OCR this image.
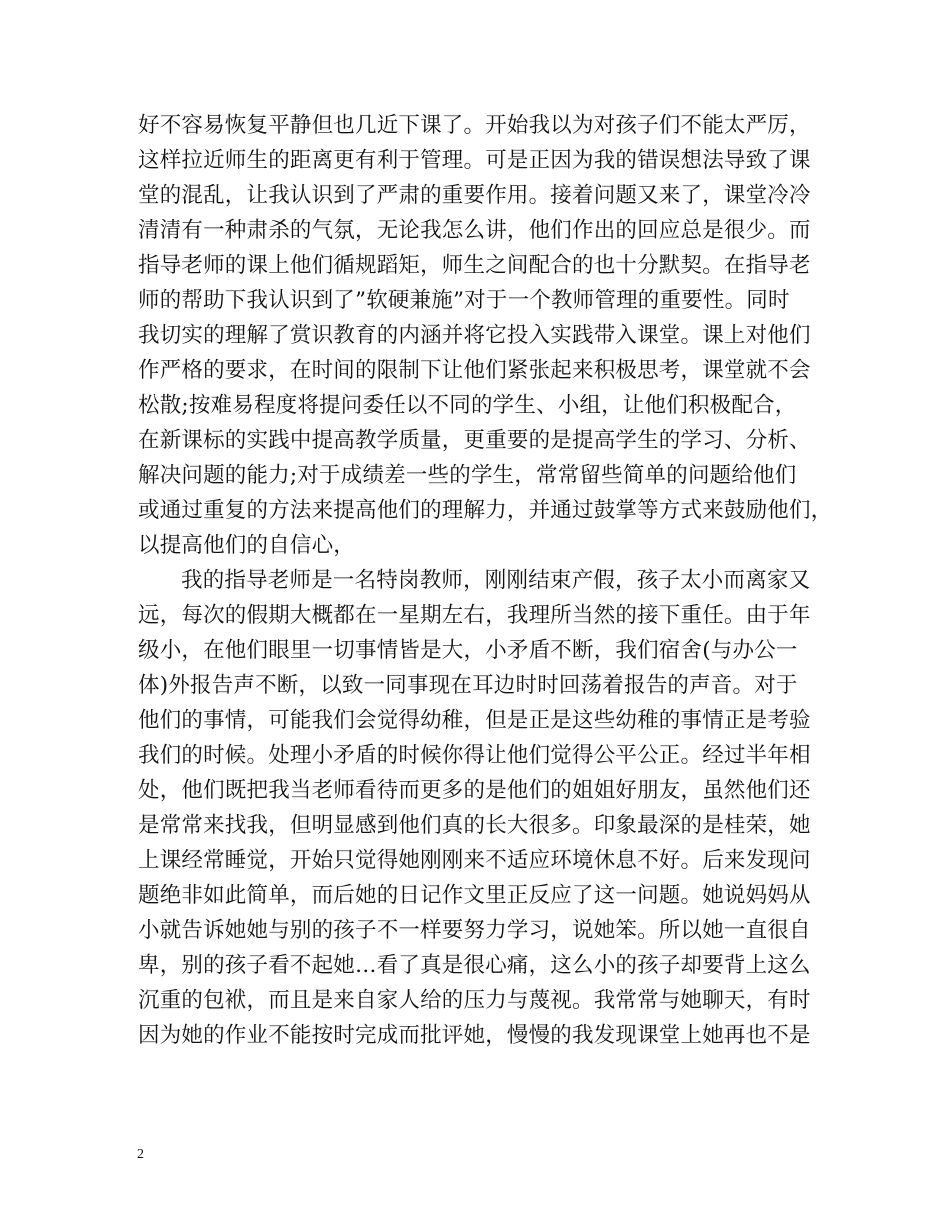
好不容易恢复平静但也几近下课了。开始我以为对孩子们不能太严厉，
这样拉近师生的距离更有利于管理。可是正因为我的错误想法导致了课
堂的混乱，让我认识到了严肃的重要作用。接着问题又来了，课堂冷冷
清清有一种肃杀的气氛，无论我怎么讲，他们作出的回应总是很少。而
指导老师的课上他们循规蹈矩，师生之间配合的也十分默契。在指导老
师的帮助下我认识到了”软硬兼施”对于一个教师管理的重要性。同时
我切实的理解了赏识教育的内涵并将它投入实践带入课堂。课上对他们
作严格的要求，在时间的限制下让他们紧张起来积极思考，课堂就不会
松散;按难易程度将提问委任以不同的学生、小组，让他们积极配合，
在新课标的实践中提高教学质量，更重要的是提高学生的学习、分析、
解决问题的能力;对于成绩差一些的学生，常常留些简单的问题给他们
或通过重复的方法来提高他们的理解力，并通过鼓掌等方式来鼓励他们，
以提高他们的自信心，
我的指导老师是一名特岗教师，刚刚结束产假，孩子太小而离家又
远，每次的假期大概都在一星期左右，我理所当然的接下重任。由于年
级小，在他们眼里一切事情皆是大，小矛盾不断，我们宿舍(与办公一
体)外报告声不断，以致一同事现在耳边时时回荡着报告的声音。对于
他们的事情，可能我们会觉得幼稚，但是正是这些幼稚的事情正是考验
我们的时候。处理小矛盾的时候你得让他们觉得公平公正。经过半年相
处，他们既把我当老师看待而更多的是他们的姐姐好朋友，虽然他们还
是常常来找我，但明显感到他们真的长大很多。印象最深的是桂荣，她
上课经常睡觉，开始只觉得她刚刚来不适应环境休息不好。后来发现问
题绝非如此简单，而后她的日记作文里正反应了这一问题。她说妈妈从
小就告诉她她与别的孩子不一样要努力学习，说她笨。所以她一直很自
卑，别的孩子看不起她…看了真是很心痛，这么小的孩子却要背上这么
沉重的包袱，而且是来自家人给的压力与蔑视。我常常与她聊天，有时
因为她的作业不能按时完成而批评她，慢慢的我发现课堂上她再也不是
2
